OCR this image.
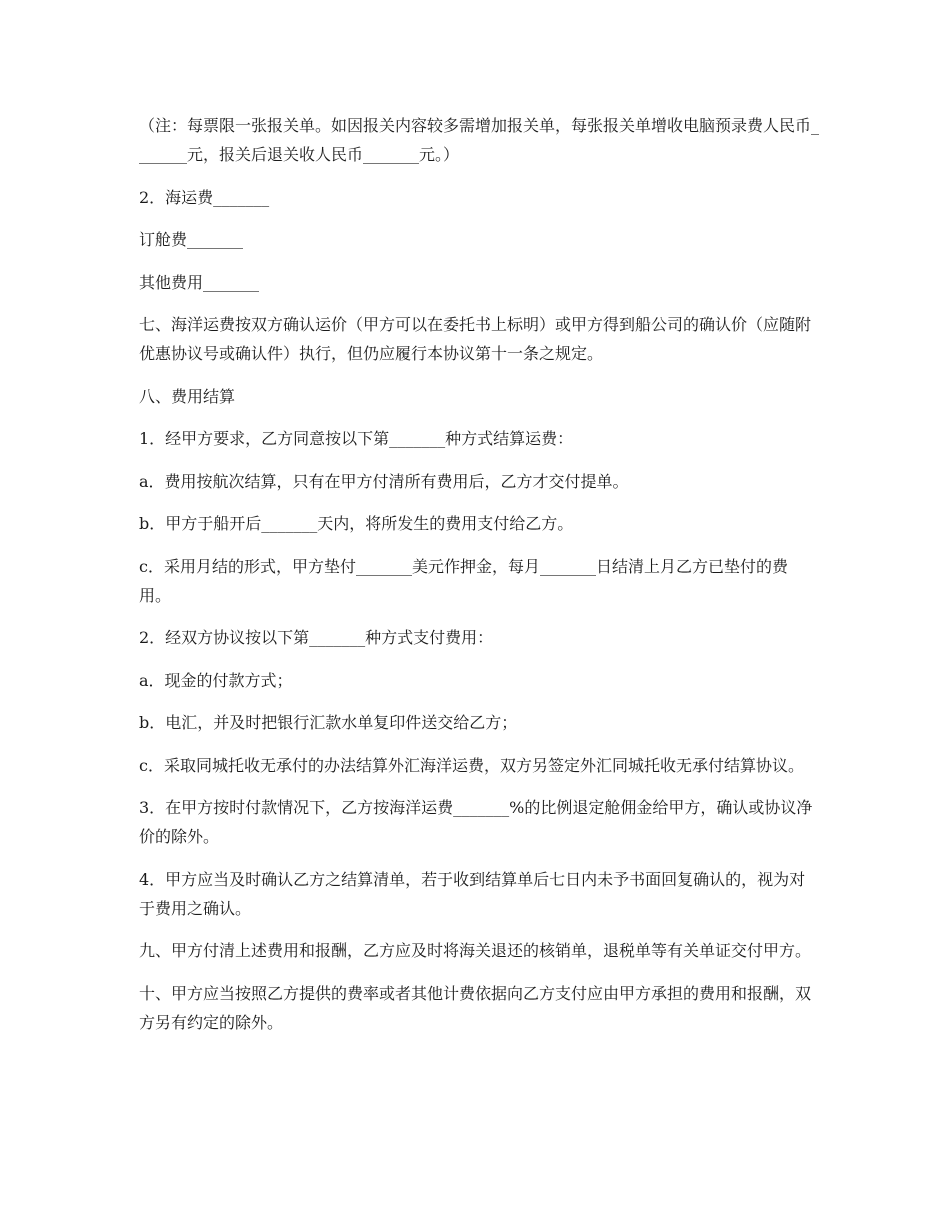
（注：每票限一张报关单。如因报关内容较多需增加报关单，每张报关单增收电脑预录费人民币_______元，报关后退关收人民币_______元。）

2．海运费_______

订舱费_______

其他费用_______

七、海洋运费按双方确认运价（甲方可以在委托书上标明）或甲方得到船公司的确认价（应随附优惠协议号或确认件）执行，但仍应履行本协议第十一条之规定。

八、费用结算

1．经甲方要求，乙方同意按以下第_______种方式结算运费：

a．费用按航次结算，只有在甲方付清所有费用后，乙方才交付提单。

b．甲方于船开后_______天内，将所发生的费用支付给乙方。

c．采用月结的形式，甲方垫付_______美元作押金，每月_______日结清上月乙方已垫付的费用。

2．经双方协议按以下第_______种方式支付费用：

a．现金的付款方式；

b．电汇，并及时把银行汇款水单复印件送交给乙方；

c．采取同城托收无承付的办法结算外汇海洋运费，双方另签定外汇同城托收无承付结算协议。

3．在甲方按时付款情况下，乙方按海洋运费_______%的比例退定舱佣金给甲方，确认或协议净价的除外。

4．甲方应当及时确认乙方之结算清单，若于收到结算单后七日内未予书面回复确认的，视为对于费用之确认。

九、甲方付清上述费用和报酬，乙方应及时将海关退还的核销单，退税单等有关单证交付甲方。

十、甲方应当按照乙方提供的费率或者其他计费依据向乙方支付应由甲方承担的费用和报酬，双方另有约定的除外。
